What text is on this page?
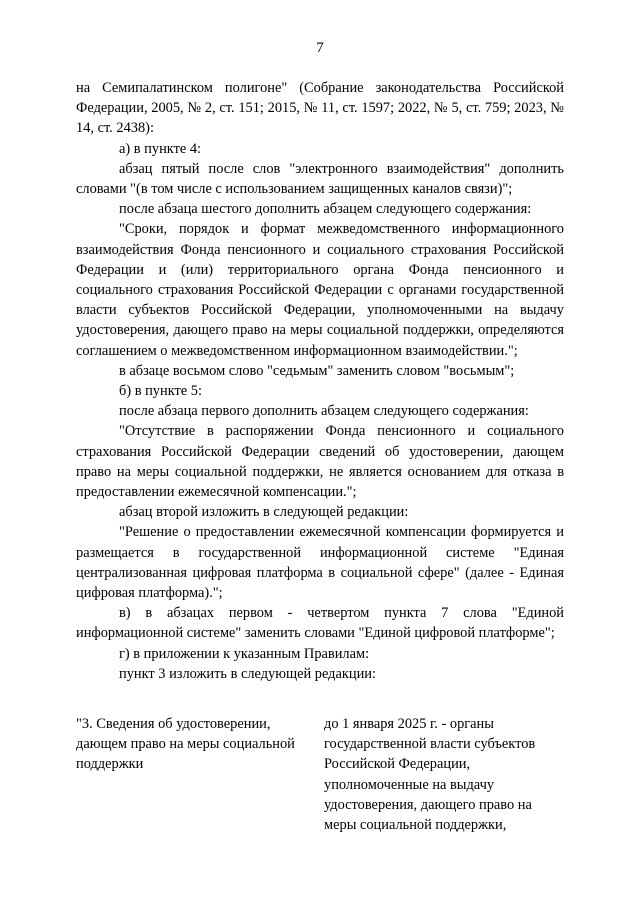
7

на Семипалатинском полигоне" (Собрание законодательства Российской Федерации, 2005, № 2, ст. 151; 2015, № 11, ст. 1597; 2022, № 5, ст. 759; 2023, № 14, ст. 2438):

а) в пункте 4:

абзац пятый после слов "электронного взаимодействия" дополнить словами "(в том числе с использованием защищенных каналов связи)";

после абзаца шестого дополнить абзацем следующего содержания:

"Сроки, порядок и формат межведомственного информационного взаимодействия Фонда пенсионного и социального страхования Российской Федерации и (или) территориального органа Фонда пенсионного и социального страхования Российской Федерации с органами государственной власти субъектов Российской Федерации, уполномоченными на выдачу удостоверения, дающего право на меры социальной поддержки, определяются соглашением о межведомственном информационном взаимодействии.";

в абзаце восьмом слово "седьмым" заменить словом "восьмым";

б) в пункте 5:

после абзаца первого дополнить абзацем следующего содержания:

"Отсутствие в распоряжении Фонда пенсионного и социального страхования Российской Федерации сведений об удостоверении, дающем право на меры социальной поддержки, не является основанием для отказа в предоставлении ежемесячной компенсации.";

абзац второй изложить в следующей редакции:

"Решение о предоставлении ежемесячной компенсации формируется и размещается в государственной информационной системе "Единая централизованная цифровая платформа в социальной сфере" (далее - Единая цифровая платформа).";

в) в абзацах первом - четвертом пункта 7 слова "Единой информационной системе" заменить словами "Единой цифровой платформе";

г) в приложении к указанным Правилам:

пункт 3 изложить в следующей редакции:

"3. Сведения об удостоверении, дающем право на меры социальной поддержки

до 1 января 2025 г. - органы государственной власти субъектов Российской Федерации, уполномоченные на выдачу удостоверения, дающего право на меры социальной поддержки,
